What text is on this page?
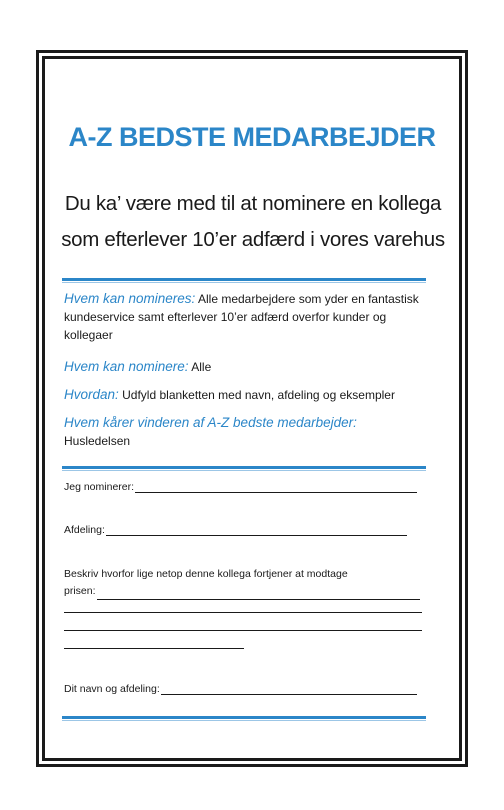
A-Z BEDSTE MEDARBEJDER
Du ka’ være med til at nominere en kollega
som efterlever 10’er adfærd i vores varehus
Hvem kan nomineres: Alle medarbejdere som yder en fantastisk kundeservice samt efterlever 10’er adfærd overfor kunder og kollegaer
Hvem kan nominere: Alle
Hvordan: Udfyld blanketten med navn, afdeling og eksempler
Hvem kårer vinderen af A-Z bedste medarbejder:
Husledelsen
Jeg nominerer:
Afdeling:
Beskriv hvorfor lige netop denne kollega fortjener at modtage
prisen:
Dit navn og afdeling:
